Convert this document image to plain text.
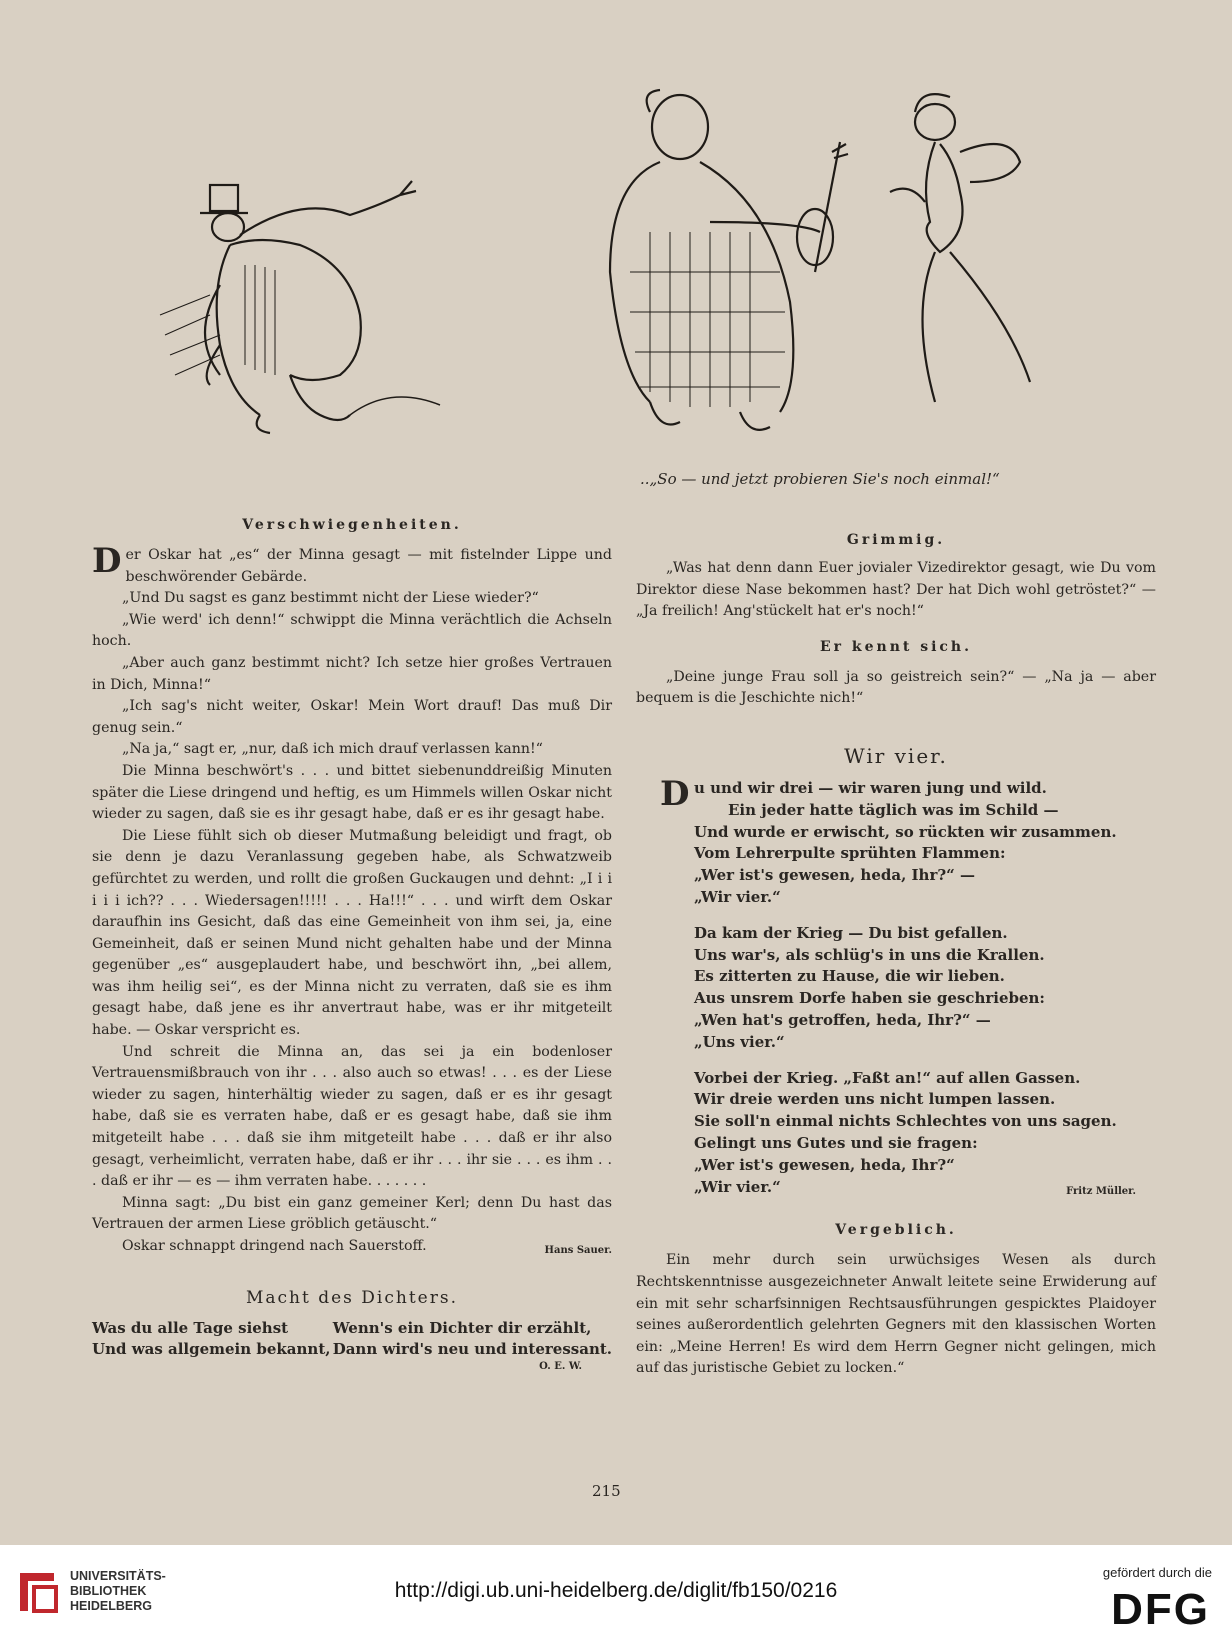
..„So — und jetzt probieren Sie's noch einmal!“
Verschwiegenheiten.

Der Oskar hat „es“ der Minna gesagt — mit fistelnder Lippe und beschwörender Gebärde.

„Und Du sagst es ganz bestimmt nicht der Liese wieder?“

„Wie werd' ich denn!“ schwippt die Minna verächtlich die Achseln hoch.

„Aber auch ganz bestimmt nicht? Ich setze hier großes Vertrauen in Dich, Minna!“

„Ich sag's nicht weiter, Oskar! Mein Wort drauf! Das muß Dir genug sein.“

„Na ja,“ sagt er, „nur, daß ich mich drauf verlassen kann!“

Die Minna beschwört's . . . und bittet siebenunddreißig Minuten später die Liese dringend und heftig, es um Himmels willen Oskar nicht wieder zu sagen, daß sie es ihr gesagt habe, daß er es ihr gesagt habe.

Die Liese fühlt sich ob dieser Mutmaßung beleidigt und fragt, ob sie denn je dazu Veranlassung gegeben habe, als Schwatzweib gefürchtet zu werden, und rollt die großen Guckaugen und dehnt: „I i i i i i ich?? . . . Wiedersagen!!!!! . . . Ha!!!“ . . . und wirft dem Oskar daraufhin ins Gesicht, daß das eine Gemeinheit von ihm sei, ja, eine Gemeinheit, daß er seinen Mund nicht gehalten habe und der Minna gegenüber „es“ ausgeplaudert habe, und beschwört ihn, „bei allem, was ihm heilig sei“, es der Minna nicht zu verraten, daß sie es ihm gesagt habe, daß jene es ihr anvertraut habe, was er ihr mitgeteilt habe. — Oskar verspricht es.

Und schreit die Minna an, das sei ja ein bodenloser Vertrauensmißbrauch von ihr . . . also auch so etwas! . . . es der Liese wieder zu sagen, hinterhältig wieder zu sagen, daß er es ihr gesagt habe, daß sie es verraten habe, daß er es gesagt habe, daß sie ihm mitgeteilt habe . . . daß sie ihm mitgeteilt habe . . . daß er ihr also gesagt, verheimlicht, verraten habe, daß er ihr . . . ihr sie . . . es ihm . . . daß er ihr — es — ihm verraten habe. . . . . . .

Minna sagt: „Du bist ein ganz gemeiner Kerl; denn Du hast das Vertrauen der armen Liese gröblich getäuscht.“

Oskar schnappt dringend nach Sauerstoff.	Hans Sauer.

Macht des Dichters.

Was du alle Tage siehst

Und was allgemein bekannt,

Wenn's ein Dichter dir erzählt,

Dann wird's neu und interessant.

O. E. W.
Grimmig.

„Was hat denn dann Euer jovialer Vizedirektor gesagt, wie Du vom Direktor diese Nase bekommen hast? Der hat Dich wohl getröstet?“ — „Ja freilich! Ang'stückelt hat er's noch!“

Er kennt sich.

„Deine junge Frau soll ja so geistreich sein?“ — „Na ja — aber bequem is die Jeschichte nich!“

Wir vier.

Du und wir drei — wir waren jung und wild.

Ein jeder hatte täglich was im Schild —

Und wurde er erwischt, so rückten wir zusammen.

Vom Lehrerpulte sprühten Flammen:

„Wer ist's gewesen, heda, Ihr?“ —

„Wir vier.“

Da kam der Krieg — Du bist gefallen.

Uns war's, als schlüg's in uns die Krallen.

Es zitterten zu Hause, die wir lieben.

Aus unsrem Dorfe haben sie geschrieben:

„Wen hat's getroffen, heda, Ihr?“ —

„Uns vier.“

Vorbei der Krieg. „Faßt an!“ auf allen Gassen.

Wir dreie werden uns nicht lumpen lassen.

Sie soll'n einmal nichts Schlechtes von uns sagen.

Gelingt uns Gutes und sie fragen:

„Wer ist's gewesen, heda, Ihr?“

„Wir vier.“	Fritz Müller.

Vergeblich.

Ein mehr durch sein urwüchsiges Wesen als durch Rechtskenntnisse ausgezeichneter Anwalt leitete seine Erwiderung auf ein mit sehr scharfsinnigen Rechtsausführungen gespicktes Plaidoyer seines außerordentlich gelehrten Gegners mit den klassischen Worten ein: „Meine Herren! Es wird dem Herrn Gegner nicht gelingen, mich auf das juristische Gebiet zu locken.“

215
UNIVERSITÄTS-
BIBLIOTHEK
HEIDELBERG
http://digi.ub.uni-heidelberg.de/diglit/fb150/0216
gefördert durch die
DFG
